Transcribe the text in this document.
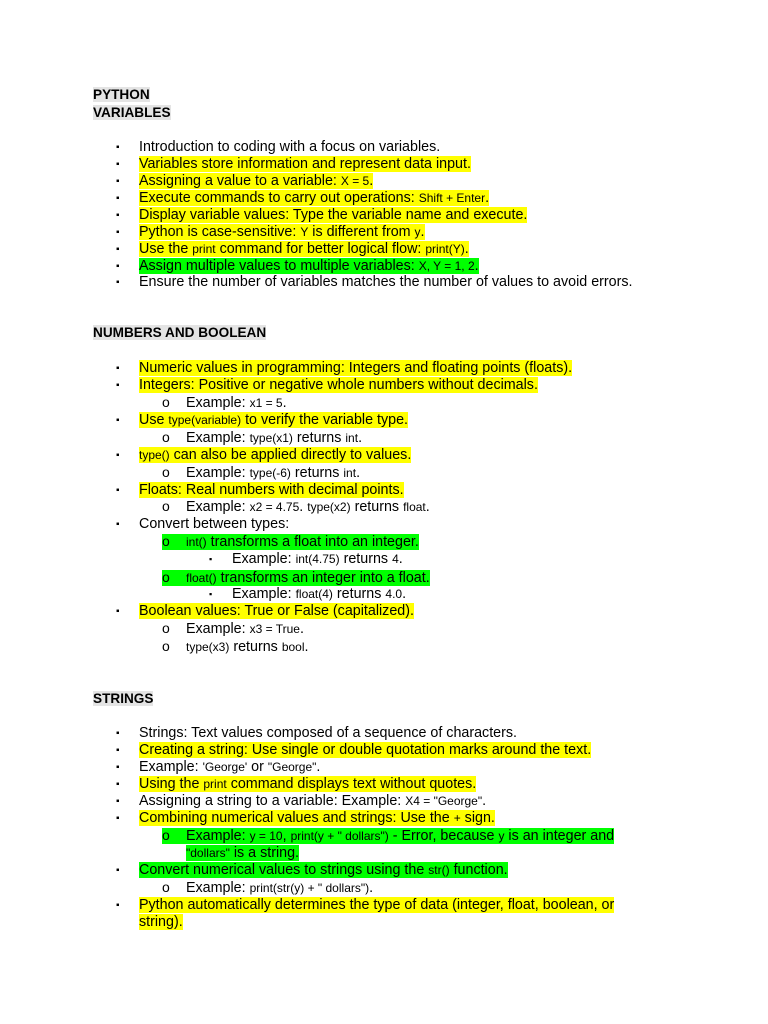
PYTHON
VARIABLES
▪ Introduction to coding with a focus on variables.
▪ Variables store information and represent data input.
▪ Assigning a value to a variable: X = 5.
▪ Execute commands to carry out operations: Shift + Enter.
▪ Display variable values: Type the variable name and execute.
▪ Python is case-sensitive: Y is different from y.
▪ Use the print command for better logical flow: print(Y).
▪ Assign multiple values to multiple variables: X, Y = 1, 2.
▪ Ensure the number of variables matches the number of values to avoid errors.
NUMBERS AND BOOLEAN
▪ Numeric values in programming: Integers and floating points (floats).
▪ Integers: Positive or negative whole numbers without decimals.
o Example: x1 = 5.
▪ Use type(variable) to verify the variable type.
o Example: type(x1) returns int.
▪ type() can also be applied directly to values.
o Example: type(-6) returns int.
▪ Floats: Real numbers with decimal points.
o Example: x2 = 4.75. type(x2) returns float.
▪ Convert between types:
o int() transforms a float into an integer.
▪ Example: int(4.75) returns 4.
o float() transforms an integer into a float.
▪ Example: float(4) returns 4.0.
▪ Boolean values: True or False (capitalized).
o Example: x3 = True.
o type(x3) returns bool.
STRINGS
▪ Strings: Text values composed of a sequence of characters.
▪ Creating a string: Use single or double quotation marks around the text.
▪ Example: 'George' or "George".
▪ Using the print command displays text without quotes.
▪ Assigning a string to a variable: Example: X4 = "George".
▪ Combining numerical values and strings: Use the + sign.
o Example: y = 10, print(y + " dollars") - Error, because y is an integer and
"dollars" is a string.
▪ Convert numerical values to strings using the str() function.
o Example: print(str(y) + " dollars").
▪ Python automatically determines the type of data (integer, float, boolean, or
string).
